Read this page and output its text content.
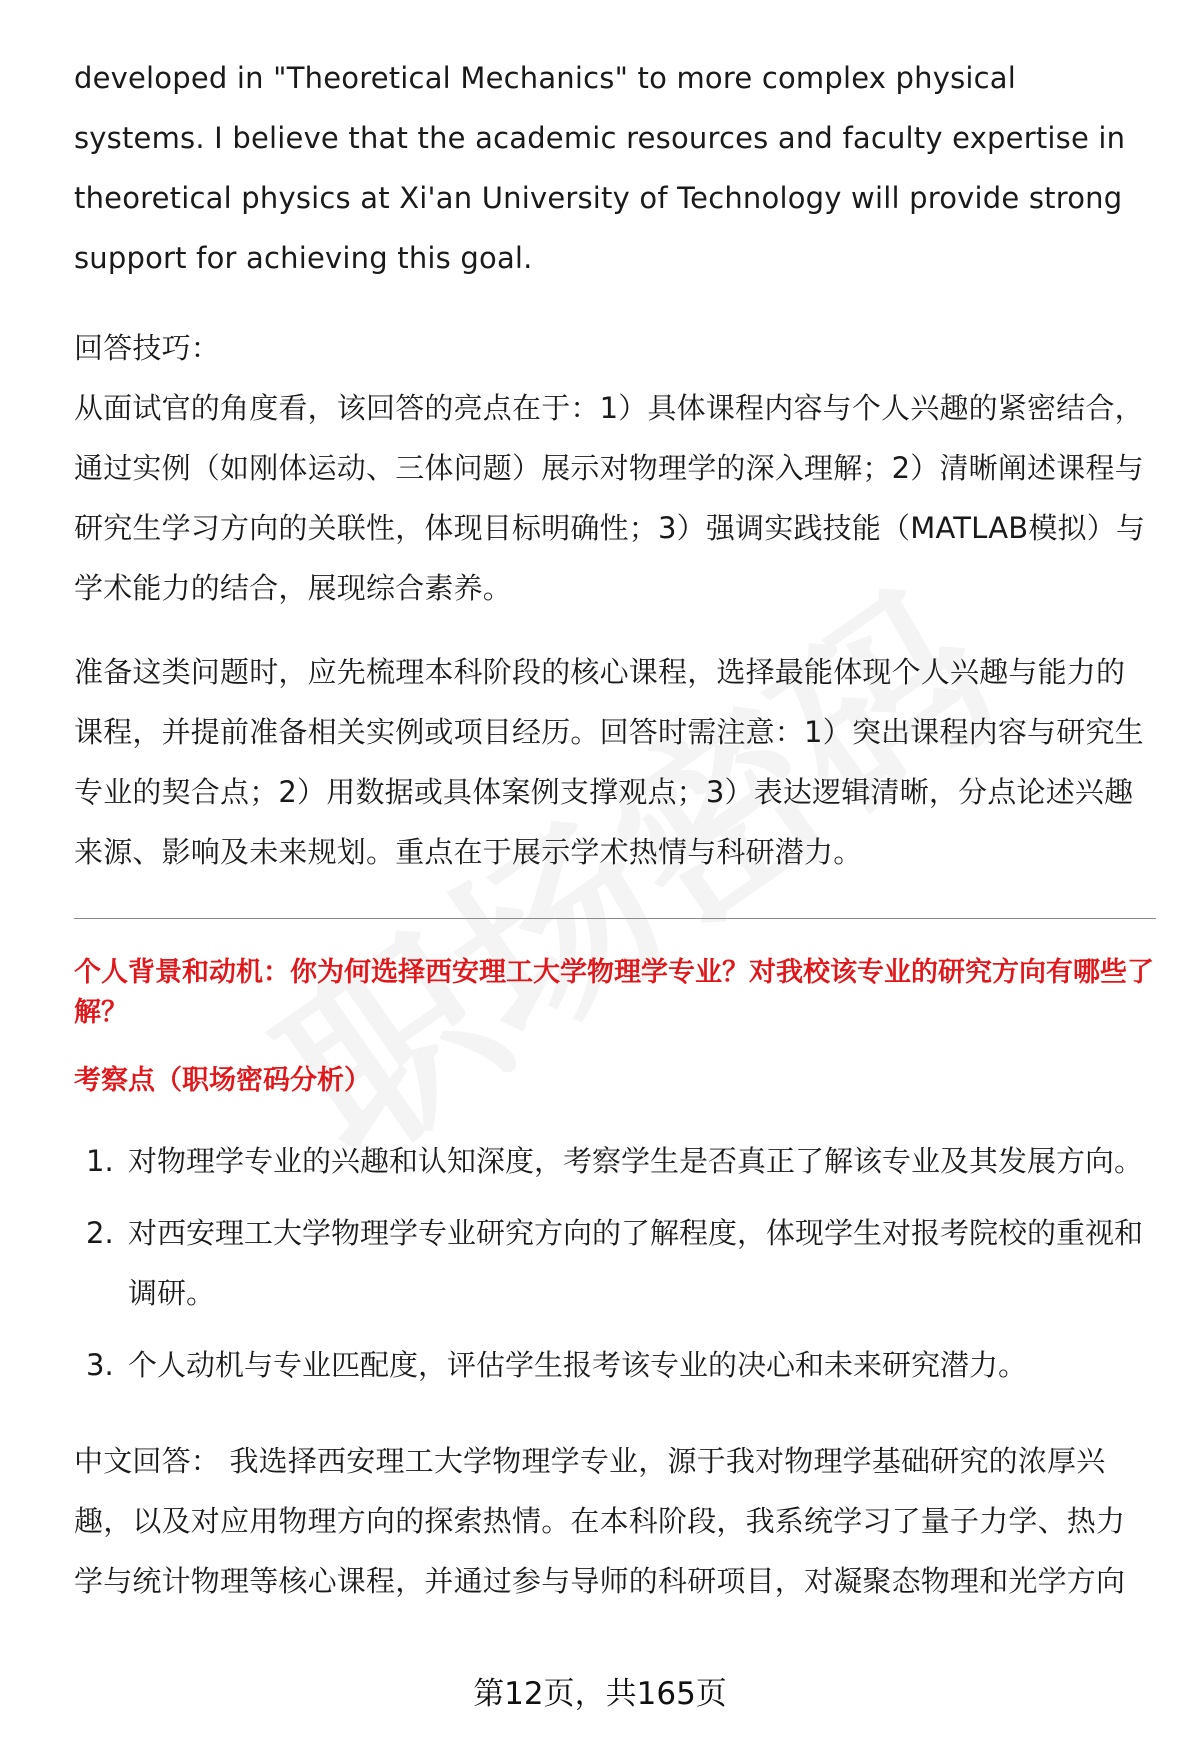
developed in "Theoretical Mechanics" to more complex physical systems. I believe that the academic resources and faculty expertise in theoretical physics at Xi'an University of Technology will provide strong support for achieving this goal.

回答技巧：

从面试官的角度看，该回答的亮点在于：1）具体课程内容与个人兴趣的紧密结合，通过实例（如刚体运动、三体问题）展示对物理学的深入理解；2）清晰阐述课程与研究生学习方向的关联性，体现目标明确性；3）强调实践技能（MATLAB模拟）与学术能力的结合，展现综合素养。

准备这类问题时，应先梳理本科阶段的核心课程，选择最能体现个人兴趣与能力的课程，并提前准备相关实例或项目经历。回答时需注意：1）突出课程内容与研究生专业的契合点；2）用数据或具体案例支撑观点；3）表达逻辑清晰，分点论述兴趣来源、影响及未来规划。重点在于展示学术热情与科研潜力。

个人背景和动机：你为何选择西安理工大学物理学专业？对我校该专业的研究方向有哪些了解？

考察点（职场密码分析）

1. 对物理学专业的兴趣和认知深度，考察学生是否真正了解该专业及其发展方向。
2. 对西安理工大学物理学专业研究方向的了解程度，体现学生对报考院校的重视和调研。
3. 个人动机与专业匹配度，评估学生报考该专业的决心和未来研究潜力。

中文回答： 我选择西安理工大学物理学专业，源于我对物理学基础研究的浓厚兴趣，以及对应用物理方向的探索热情。在本科阶段，我系统学习了量子力学、热力学与统计物理等核心课程，并通过参与导师的科研项目，对凝聚态物理和光学方向

第12页，共165页
